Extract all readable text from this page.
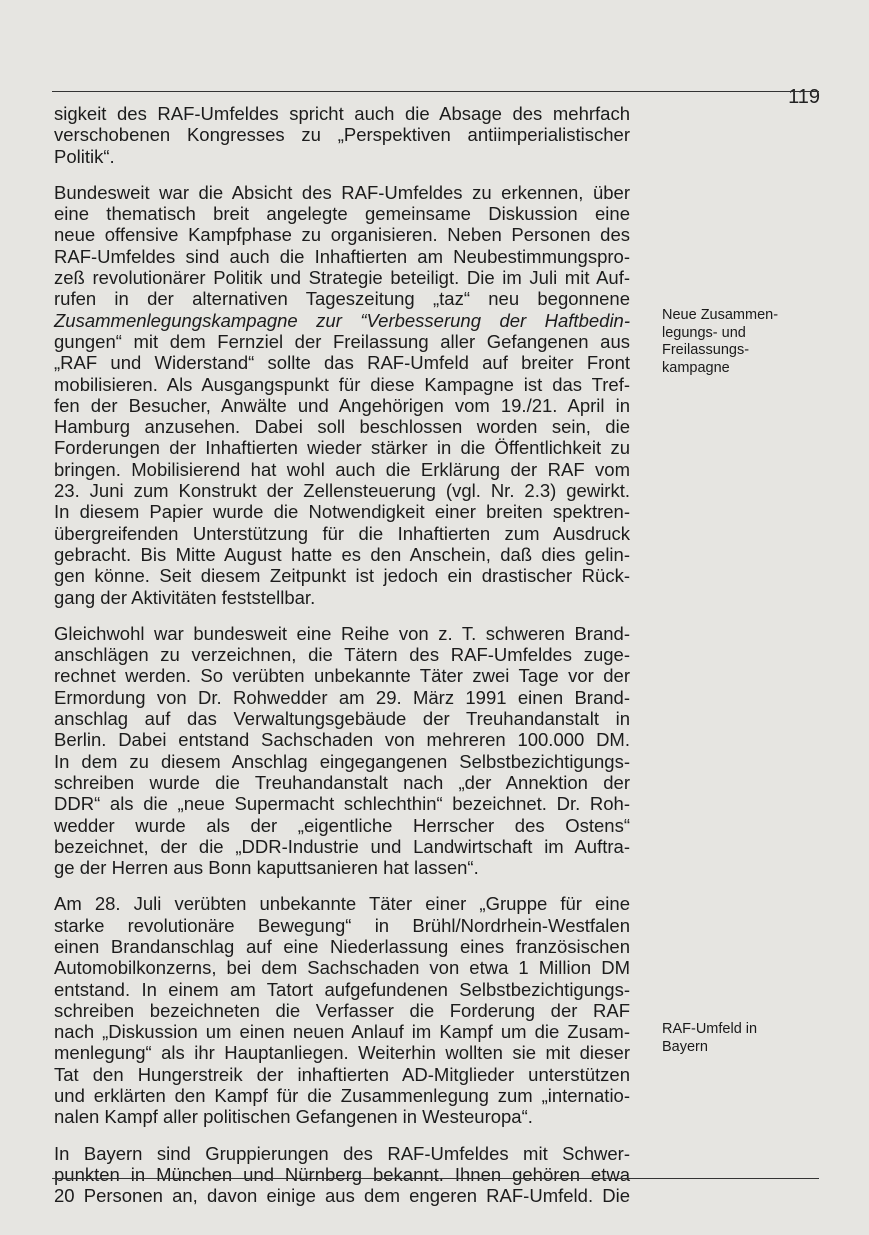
119

sigkeit des RAF-Umfeldes spricht auch die Absage des mehrfach
verschobenen Kongresses zu „Perspektiven antiimperialistischer
Politik“.

Bundesweit war die Absicht des RAF-Umfeldes zu erkennen, über
eine thematisch breit angelegte gemeinsame Diskussion eine
neue offensive Kampfphase zu organisieren. Neben Personen des
RAF-Umfeldes sind auch die Inhaftierten am Neubestimmungspro-
zeß revolutionärer Politik und Strategie beteiligt. Die im Juli mit Auf-
rufen in der alternativen Tageszeitung „taz“ neu begonnene
Zusammenlegungskampagne zur “Verbesserung der Haftbedin-
gungen“ mit dem Fernziel der Freilassung aller Gefangenen aus
„RAF und Widerstand“ sollte das RAF-Umfeld auf breiter Front
mobilisieren. Als Ausgangspunkt für diese Kampagne ist das Tref-
fen der Besucher, Anwälte und Angehörigen vom 19./21. April in
Hamburg anzusehen. Dabei soll beschlossen worden sein, die
Forderungen der Inhaftierten wieder stärker in die Öffentlichkeit zu
bringen. Mobilisierend hat wohl auch die Erklärung der RAF vom
23. Juni zum Konstrukt der Zellensteuerung (vgl. Nr. 2.3) gewirkt.
In diesem Papier wurde die Notwendigkeit einer breiten spektren-
übergreifenden Unterstützung für die Inhaftierten zum Ausdruck
gebracht. Bis Mitte August hatte es den Anschein, daß dies gelin-
gen könne. Seit diesem Zeitpunkt ist jedoch ein drastischer Rück-
gang der Aktivitäten feststellbar.

Gleichwohl war bundesweit eine Reihe von z. T. schweren Brand-
anschlägen zu verzeichnen, die Tätern des RAF-Umfeldes zuge-
rechnet werden. So verübten unbekannte Täter zwei Tage vor der
Ermordung von Dr. Rohwedder am 29. März 1991 einen Brand-
anschlag auf das Verwaltungsgebäude der Treuhandanstalt in
Berlin. Dabei entstand Sachschaden von mehreren 100.000 DM.
In dem zu diesem Anschlag eingegangenen Selbstbezichtigungs-
schreiben wurde die Treuhandanstalt nach „der Annektion der
DDR“ als die „neue Supermacht schlechthin“ bezeichnet. Dr. Roh-
wedder wurde als der „eigentliche Herrscher des Ostens“
bezeichnet, der die „DDR-Industrie und Landwirtschaft im Auftra-
ge der Herren aus Bonn kaputtsanieren hat lassen“.

Am 28. Juli verübten unbekannte Täter einer „Gruppe für eine
starke revolutionäre Bewegung“ in Brühl/Nordrhein-Westfalen
einen Brandanschlag auf eine Niederlassung eines französischen
Automobilkonzerns, bei dem Sachschaden von etwa 1 Million DM
entstand. In einem am Tatort aufgefundenen Selbstbezichtigungs-
schreiben bezeichneten die Verfasser die Forderung der RAF
nach „Diskussion um einen neuen Anlauf im Kampf um die Zusam-
menlegung“ als ihr Hauptanliegen. Weiterhin wollten sie mit dieser
Tat den Hungerstreik der inhaftierten AD-Mitglieder unterstützen
und erklärten den Kampf für die Zusammenlegung zum „internatio-
nalen Kampf aller politischen Gefangenen in Westeuropa“.

In Bayern sind Gruppierungen des RAF-Umfeldes mit Schwer-
punkten in München und Nürnberg bekannt. Ihnen gehören etwa
20 Personen an, davon einige aus dem engeren RAF-Umfeld. Die

Neue Zusammen-
legungs- und
Freilassungs-
kampagne
RAF-Umfeld in
Bayern
